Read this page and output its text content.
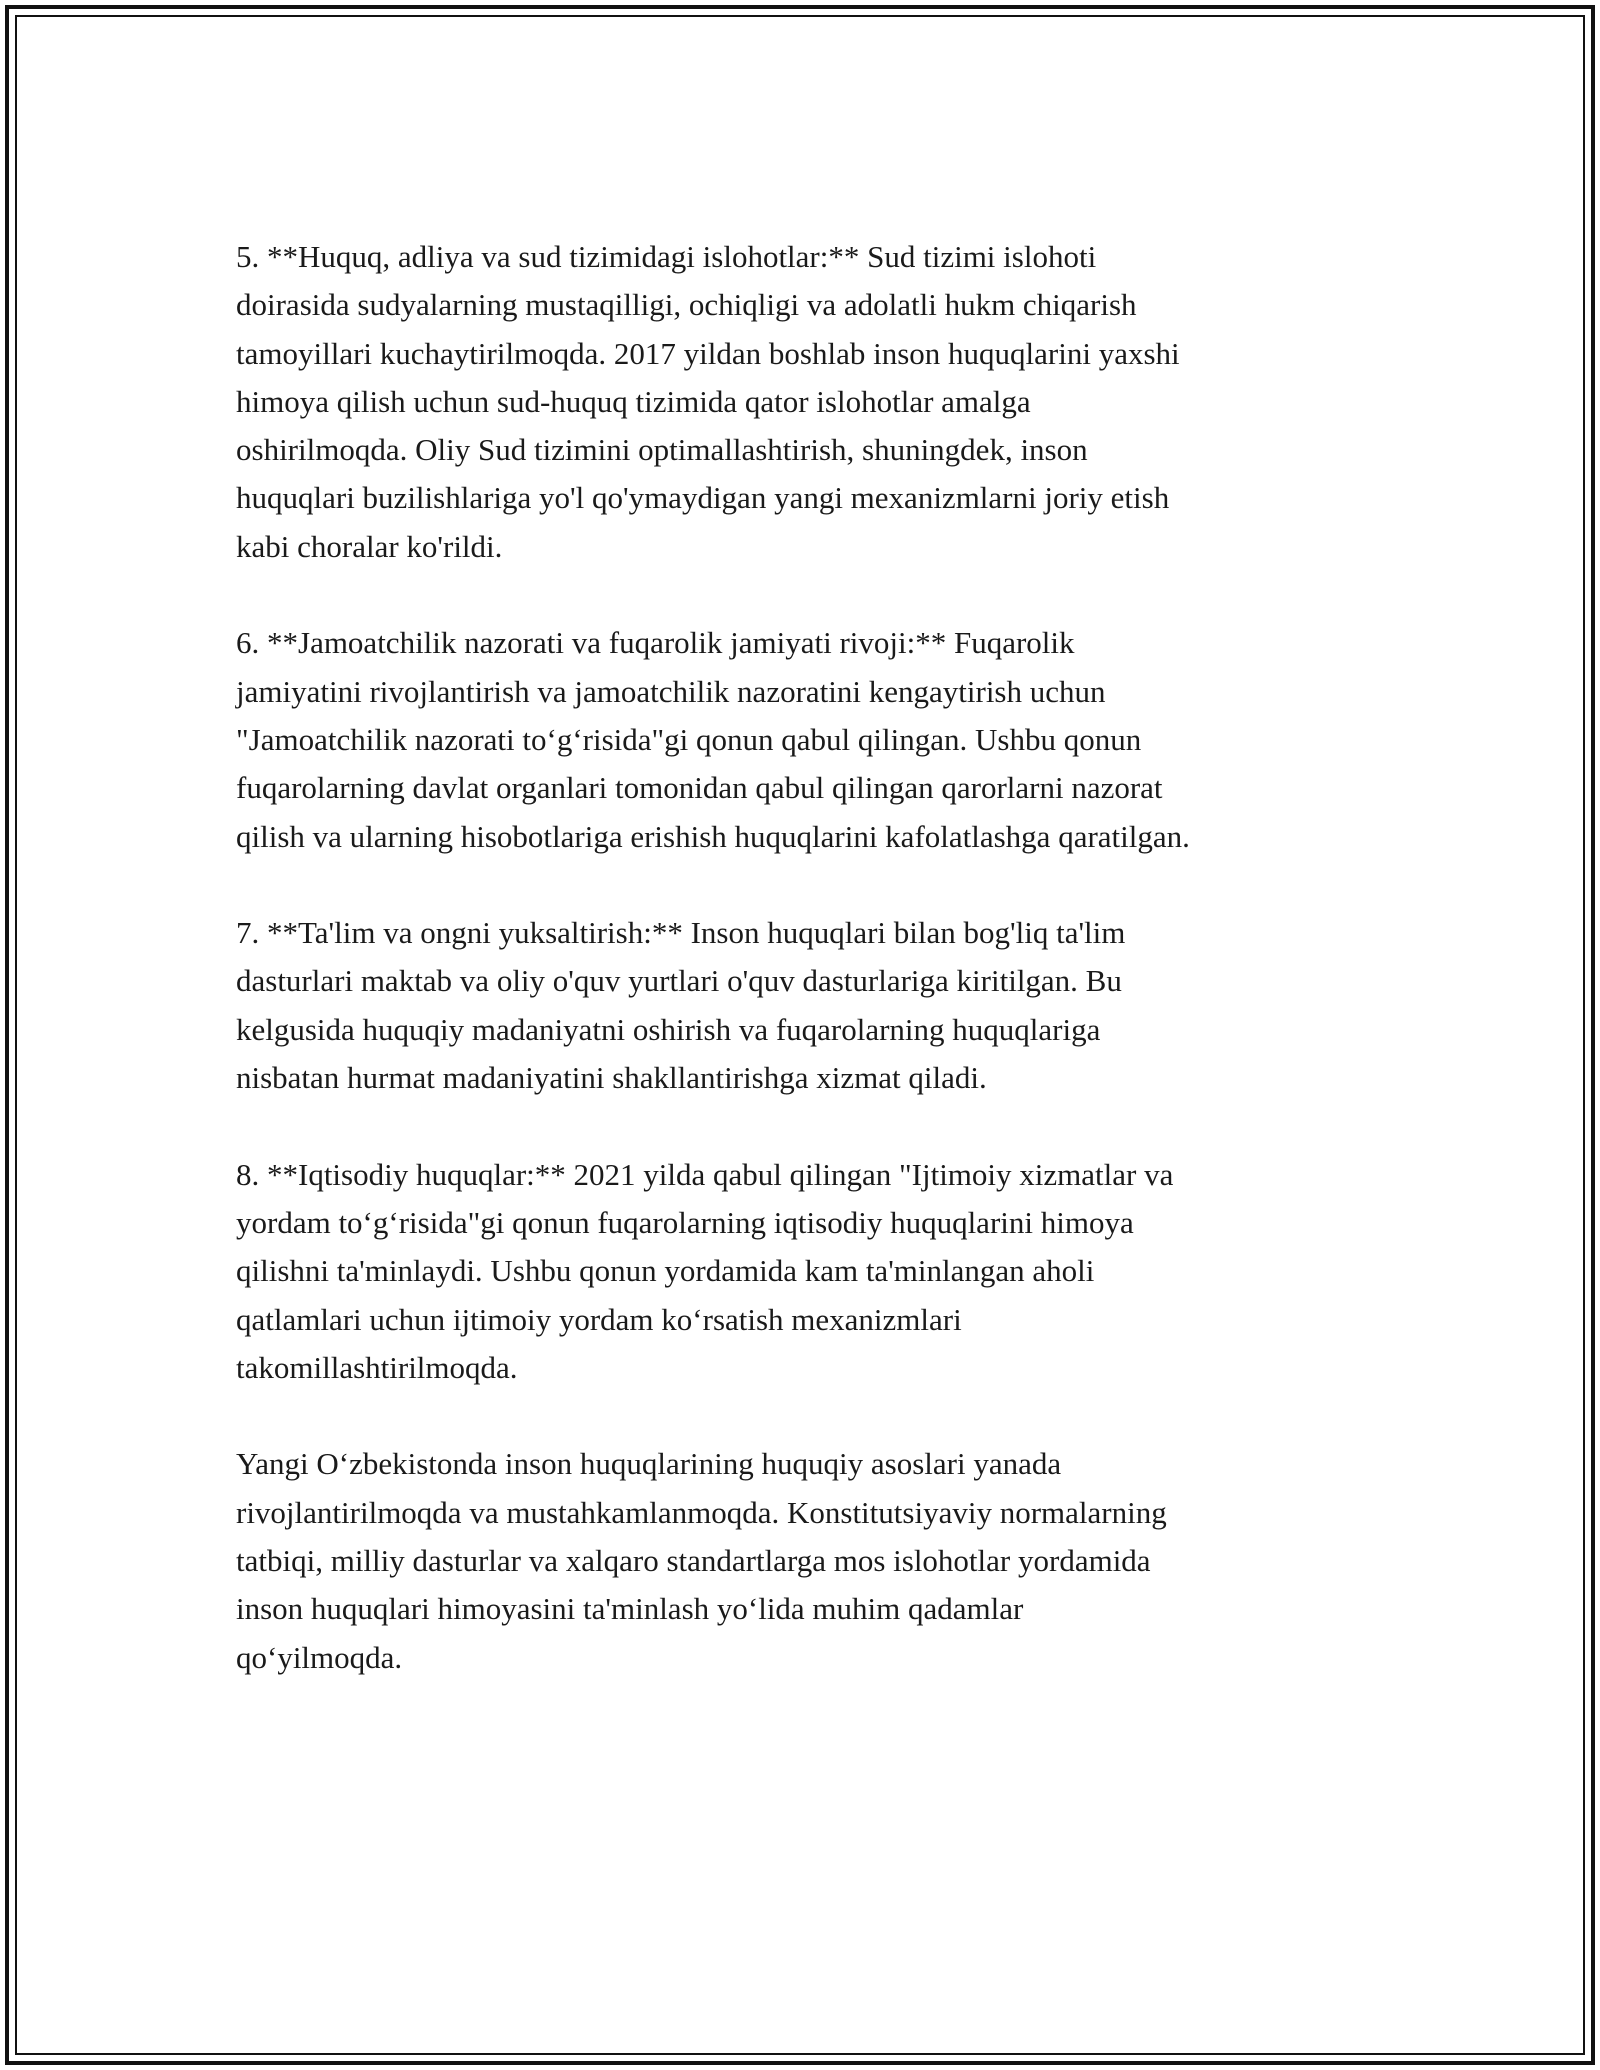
5. **Huquq, adliya va sud tizimidagi islohotlar:** Sud tizimi islohoti
doirasida sudyalarning mustaqilligi, ochiqligi va adolatli hukm chiqarish
tamoyillari kuchaytirilmoqda. 2017 yildan boshlab inson huquqlarini yaxshi
himoya qilish uchun sud-huquq tizimida qator islohotlar amalga
oshirilmoqda. Oliy Sud tizimini optimallashtirish, shuningdek, inson
huquqlari buzilishlariga yo'l qo'ymaydigan yangi mexanizmlarni joriy etish
kabi choralar ko'rildi.
6. **Jamoatchilik nazorati va fuqarolik jamiyati rivoji:** Fuqarolik
jamiyatini rivojlantirish va jamoatchilik nazoratini kengaytirish uchun
"Jamoatchilik nazorati to‘g‘risida"gi qonun qabul qilingan. Ushbu qonun
fuqarolarning davlat organlari tomonidan qabul qilingan qarorlarni nazorat
qilish va ularning hisobotlariga erishish huquqlarini kafolatlashga qaratilgan.
7. **Ta'lim va ongni yuksaltirish:** Inson huquqlari bilan bog'liq ta'lim
dasturlari maktab va oliy o'quv yurtlari o'quv dasturlariga kiritilgan. Bu
kelgusida huquqiy madaniyatni oshirish va fuqarolarning huquqlariga
nisbatan hurmat madaniyatini shakllantirishga xizmat qiladi.
8. **Iqtisodiy huquqlar:** 2021 yilda qabul qilingan "Ijtimoiy xizmatlar va
yordam to‘g‘risida"gi qonun fuqarolarning iqtisodiy huquqlarini himoya
qilishni ta'minlaydi. Ushbu qonun yordamida kam ta'minlangan aholi
qatlamlari uchun ijtimoiy yordam ko‘rsatish mexanizmlari
takomillashtirilmoqda.
Yangi O‘zbekistonda inson huquqlarining huquqiy asoslari yanada
rivojlantirilmoqda va mustahkamlanmoqda. Konstitutsiyaviy normalarning
tatbiqi, milliy dasturlar va xalqaro standartlarga mos islohotlar yordamida
inson huquqlari himoyasini ta'minlash yo‘lida muhim qadamlar
qo‘yilmoqda.
